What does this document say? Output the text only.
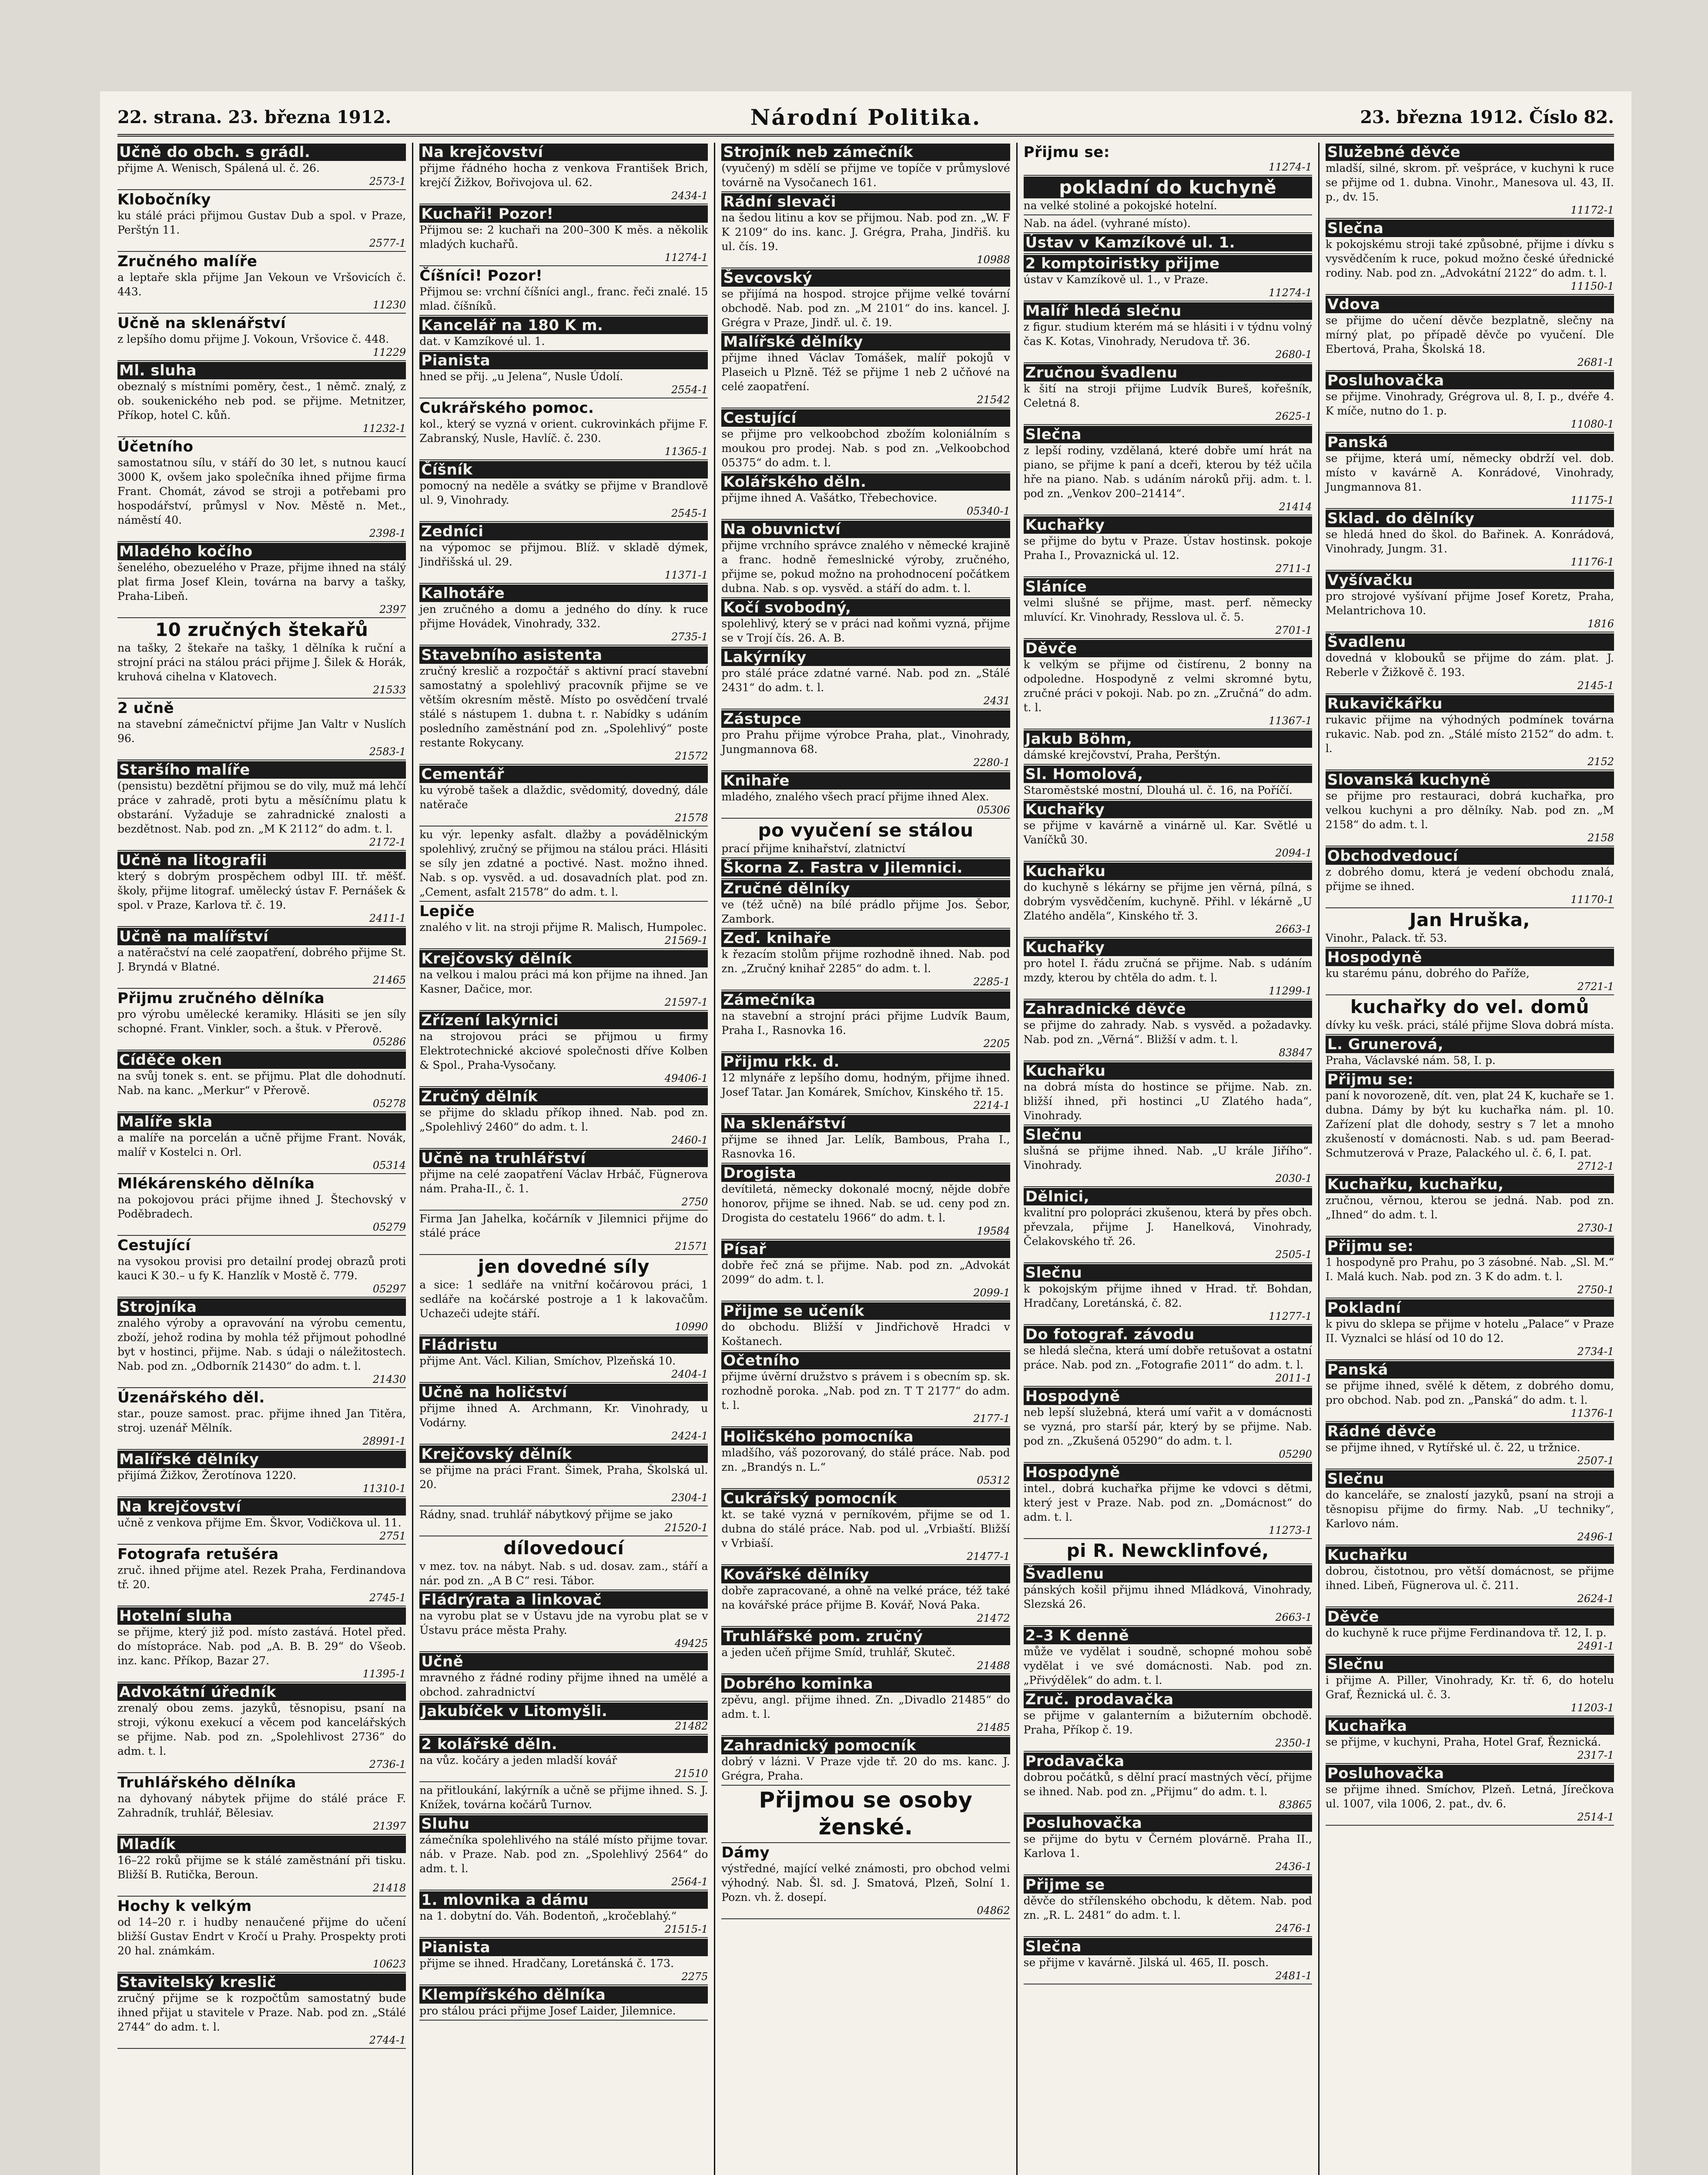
22. strana. 23. března 1912.	Národní Politika.	23. března 1912. Číslo 82.
Učně do obch. s grádl.
přijme A. Wenisch, Spálená ul. č. 26.
2573-1
Klobočníky
ku stálé práci přijmou Gustav Dub a spol. v Praze, Perštýn 11.
2577-1
Zručného malíře
a leptaře skla přijme Jan Vekoun ve Vršovicích č. 443.
11230
Učně na sklenářství
z lepšího domu přijme J. Vokoun, Vršovice č. 448.
11229
Ml. sluha
obeznalý s místními poměry, čest., 1 němč. znalý, z ob. soukenického neb pod. se přijme. Metnitzer, Příkop, hotel C. kůň.
11232-1
Účetního
samostatnou sílu, v stáří do 30 let, s nutnou kaucí 3000 K, ovšem jako společníka ihned přijme firma Frant. Chomát, závod se stroji a potřebami pro hospodářství, průmysl v Nov. Městě n. Met., náměstí 40.
2398-1
Mladého kočího
šenelého, obezuelého v Praze, přijme ihned na stálý plat firma Josef Klein, továrna na barvy a tašky, Praha-Libeň.
2397
10 zručných štekařů
na tašky, 2 štekaře na tašky, 1 dělníka k ruční a strojní práci na stálou práci přijme J. Šilek & Horák, kruhová cihelna v Klatovech.
21533
2 učně
na stavební zámečnictví přijme Jan Valtr v Nuslích 96.
2583-1
Staršího malíře
(pensistu) bezdětní přijmou se do vily, muž má lehčí práce v zahradě, proti bytu a měsíčnímu platu k obstarání. Vyžaduje se zahradnické znalosti a bezdětnost. Nab. pod zn. „M K 2112“ do adm. t. l.
2172-1
Učně na litografii
který s dobrým prospěchem odbyl III. tř. měšť. školy, přijme litograf. umělecký ústav F. Pernášek & spol. v Praze, Karlova tř. č. 19.
2411-1
Učně na malířství
a natěračství na celé zaopatření, dobrého přijme St. J. Bryndá v Blatné.
21465
Přijmu zručného dělníka
pro výrobu umělecké keramiky. Hlásiti se jen síly schopné. Frant. Vinkler, soch. a štuk. v Přerově.
05286
Cíděče oken
na svůj tonek s. ent. se přijmu. Plat dle dohodnutí. Nab. na kanc. „Merkur“ v Přerově.
05278
Malíře skla
a malíře na porcelán a učně přijme Frant. Novák, malíř v Kostelci n. Orl.
05314
Mlékárenského dělníka
na pokojovou práci přijme ihned J. Štechovský v Poděbradech.
05279
Cestující
na vysokou provisi pro detailní prodej obrazů proti kauci K 30.– u fy K. Hanzlík v Mostě č. 779.
05297
Strojníka
znalého výroby a opravování na výrobu cementu, zboží, jehož rodina by mohla též přijmout pohodlné byt v hostinci, přijme. Nab. s údaji o náležitostech. Nab. pod zn. „Odborník 21430“ do adm. t. l.
21430
Úzenářského děl.
star., pouze samost. prac. přijme ihned Jan Titěra, stroj. uzenář Mělník.
28991-1
Malířské dělníky
přijímá Žižkov, Žerotínova 1220.
11310-1
Na krejčovství
učně z venkova přijme Em. Škvor, Vodičkova ul. 11.
2751
Fotografa retušéra
zruč. ihned přijme atel. Rezek Praha, Ferdinandova tř. 20.
2745-1
Hotelní sluha
se přijme, který již pod. místo zastává. Hotel před. do místopráce. Nab. pod „A. B. B. 29“ do Všeob. inz. kanc. Příkop, Bazar 27.
11395-1
Advokátní úředník
zrenalý obou zems. jazyků, těsnopisu, psaní na stroji, výkonu exekucí a věcem pod kancelářských se přijme. Nab. pod zn. „Spolehlivost 2736“ do adm. t. l.
2736-1
Truhlářského dělníka
na dyhovaný nábytek přijme do stálé práce F. Zahradník, truhlář, Bělesiav.
21397
Mladík
16–22 roků přijme se k stálé zaměstnání při tisku. Bližší B. Rutička, Beroun.
21418
Hochy k velkým
od 14–20 r. i hudby nenaučené přijme do učení bližší Gustav Endrt v Kročí u Prahy. Prospekty proti 20 hal. známkám.
10623
Stavitelský kreslič
zručný přijme se k rozpočtům samostatný bude ihned přijat u stavitele v Praze. Nab. pod zn. „Stálé 2744“ do adm. t. l.
2744-1
Na krejčovství
přijme řádného hocha z venkova František Brich, krejčí Žižkov, Bořivojova ul. 62.
2434-1
Kuchaři! Pozor!
Přijmou se: 2 kuchaři na 200–300 K měs. a několik mladých kuchařů.
11274-1
Číšníci! Pozor!
Přijmou se: vrchní číšníci angl., franc. řeči znalé. 15 mlad. číšníků.
Kancelář na 180 K m.
dat. v Kamzíkové ul. 1.
Pianista
hned se přij. „u Jelena“, Nusle Údolí.
2554-1
Cukrářského pomoc.
kol., který se vyzná v orient. cukrovinkách přijme F. Zabranský, Nusle, Havlíč. č. 230.
11365-1
Číšník
pomocný na neděle a svátky se přijme v Brandlově ul. 9, Vinohrady.
2545-1
Zedníci
na výpomoc se přijmou. Blíž. v skladě dýmek, Jindřišská ul. 29.
11371-1
Kalhotáře
jen zručného a domu a jedného do díny. k ruce přijme Hovádek, Vinohrady, 332.
2735-1
Stavebního asistenta
zručný kreslič a rozpočtář s aktivní prací stavební samostatný a spolehlivý pracovník přijme se ve větším okresním městě. Místo po osvědčení trvalé stálé s nástupem 1. dubna t. r. Nabídky s udáním posledního zaměstnání pod zn. „Spolehlivý“ poste restante Rokycany.
21572
Cementář
ku výrobě tašek a dlaždic, svědomitý, dovedný, dále natěrače
21578
ku výr. lepenky asfalt. dlažby a povádělnickým spolehlivý, zručný se přijmou na stálou práci. Hlásiti se síly jen zdatné a poctivé. Nast. možno ihned. Nab. s op. vysvěd. a ud. dosavadních plat. pod zn. „Cement, asfalt 21578“ do adm. t. l.
Lepiče
znalého v lit. na stroji přijme R. Malisch, Humpolec.
21569-1
Krejčovský dělník
na velkou i malou práci má kon přijme na ihned. Jan Kasner, Dačice, mor.
21597-1
Zřízení lakýrnici
na strojovou práci se přijmou u firmy Elektrotechnické akciové společnosti dříve Kolben & Spol., Praha-Vysočany.
49406-1
Zručný dělník
se přijme do skladu příkop ihned. Nab. pod zn. „Spolehlivý 2460“ do adm. t. l.
2460-1
Učně na truhlářství
přijme na celé zaopatření Václav Hrbáč, Fügnerova nám. Praha-II., č. 1.
2750
Firma Jan Jahelka, kočárník v Jilemnici přijme do stálé práce
21571
jen dovedné síly
a sice: 1 sedláře na vnitřní kočárovou práci, 1 sedláře na kočárské postroje a 1 k lakovačům. Uchazeči udejte stáří.
10990
Fládristu
přijme Ant. Václ. Kilian, Smíchov, Plzeňská 10.
2404-1
Učně na holičství
přijme ihned A. Archmann, Kr. Vinohrady, u Vodárny.
2424-1
Krejčovský dělník
se přijme na práci Frant. Šimek, Praha, Školská ul. 20.
2304-1
Rádny, snad. truhlář nábytkový přijme se jako
21520-1
dílovedoucí
v mez. tov. na nábyt. Nab. s ud. dosav. zam., stáří a nár. pod zn. „A B C“ resi. Tábor.
Fládrýrata a linkovač
na vyrobu plat se v Ústavu jde na vyrobu plat se v Ústavu práce města Prahy.
49425
Učně
mravného z řádné rodiny přijme ihned na umělé a obchod. zahradnictví
Jakubíček v Litomyšli.
21482
2 kolářské děln.
na vůz. kočáry a jeden mladší kovář
21510
na přitloukání, lakýrník a učně se přijme ihned. S. J. Knížek, továrna kočárů Turnov.
Sluhu
zámečníka spolehlivého na stálé místo přijme tovar. náb. v Praze. Nab. pod zn. „Spolehlivý 2564“ do adm. t. l.
2564-1
1. mlovnika a dámu
na 1. dobytní do. Váh. Bodentoň, „kročeblahý.“
21515-1
Pianista
přijme se ihned. Hradčany, Loretánská č. 173.
2275
Klempířského dělníka
pro stálou práci přijme Josef Laider, Jilemnice.
Strojník neb zámečník
(vyučený) m sdělí se přijme ve topíče v průmyslové továrně na Vysočanech 161.
Rádní slevači
na šedou litinu a kov se přijmou. Nab. pod zn. „W. F K 2109“ do ins. kanc. J. Grégra, Praha, Jindřiš. ku ul. čís. 19.
10988
Ševcovský
se přijímá na hospod. strojce přijme velké tovární obchodě. Nab. pod zn. „M 2101“ do ins. kancel. J. Grégra v Praze, Jindř. ul. č. 19.
Malířské dělníky
přijme ihned Václav Tomášek, malíř pokojů v Plaseich u Plzně. Též se přijme 1 neb 2 učňové na celé zaopatření.
21542
Cestující
se přijme pro velkoobchod zbožím koloniálním s moukou pro prodej. Nab. s pod zn. „Velkoobchod 05375“ do adm. t. l.
Kolářského děln.
přijme ihned A. Vašátko, Třebechovice.
05340-1
Na obuvnictví
přijme vrchního správce znalého v německé krajině a franc. hodně řemeslnické výroby, zručného, přijme se, pokud možno na prohodnocení počátkem dubna. Nab. s op. vysvěd. a stáří do adm. t. l.
Kočí svobodný,
spolehlivý, který se v práci nad koňmi vyzná, přijme se v Trojí čís. 26. A. B.
Lakýrníky
pro stálé práce zdatné varné. Nab. pod zn. „Stálé 2431“ do adm. t. l.
2431
Zástupce
pro Prahu přijme výrobce Praha, plat., Vinohrady, Jungmannova 68.
2280-1
Knihaře
mladého, znalého všech prací přijme ihned Alex.
05306
po vyučení se stálou
prací přijme knihařství, zlatnictví
Škorna Z. Fastra v Jilemnici.
Zručné dělníky
ve (též učně) na bílé prádlo přijme Jos. Šebor, Zambork.
Zeď. knihaře
k řezacím stolům přijme rozhodně ihned. Nab. pod zn. „Zručný knihař 2285“ do adm. t. l.
2285-1
Zámečníka
na stavební a strojní práci přijme Ludvík Baum, Praha I., Rasnovka 16.
2205
Přijmu rkk. d.
12 mlynáře z lepšího domu, hodným, přijme ihned. Josef Tatar. Jan Komárek, Smíchov, Kinského tř. 15.
2214-1
Na sklenářství
přijme se ihned Jar. Lelík, Bambous, Praha I., Rasnovka 16.
Drogista
devítiletá, německy dokonalé mocný, nějde dobře honorov, přijme se ihned. Nab. se ud. ceny pod zn. Drogista do cestatelu 1966“ do adm. t. l.
19584
Písař
dobře řeč zná se přijme. Nab. pod zn. „Advokát 2099“ do adm. t. l.
2099-1
Přijme se učeník
do obchodu. Bližší v Jindřichově Hradci v Koštanech.
Očetního
přijme úvěrní družstvo s právem i s obecním sp. sk. rozhodně poroka. „Nab. pod zn. T T 2177“ do adm. t. l.
2177-1
Holičského pomocníka
mladšího, váš pozorovaný, do stálé práce. Nab. pod zn. „Brandýs n. L.“
05312
Cukrářský pomocník
kt. se také vyzná v perníkovém, přijme se od 1. dubna do stálé práce. Nab. pod ul. „Vrbiaští. Bližší v Vrbiaší.
21477-1
Kovářské dělníky
dobře zapracované, a ohně na velké práce, též také na kovářské práce přijme B. Kovář, Nová Paka.
21472
Truhlářské pom. zručný
a jeden učeň přijme Smíd, truhlář, Skuteč.
21488
Dobrého kominka
zpěvu, angl. přijme ihned. Zn. „Divadlo 21485“ do adm. t. l.
21485
Zahradnický pomocník
dobrý v lázni. V Praze vjde tř. 20 do ms. kanc. J. Grégra, Praha.
Přijmou se osoby ženské.
Dámy
výstředné, mající velké známosti, pro obchod velmi výhodný. Nab. Šl. sd. J. Smatová, Plzeň, Solní 1. Pozn. vh. ž. dosepí.
04862
Přijmu se:
11274-1
pokladní do kuchyně
na velké stoliné a pokojské hotelní.
Nab. na ádel. (vyhrané místo).
Ústav v Kamzíkové ul. 1.
2 komptoiristky přijme
ústav v Kamzíkově ul. 1., v Praze.
11274-1
Malíř hledá slečnu
z figur. studium kterém má se hlásiti i v týdnu volný čas K. Kotas, Vinohrady, Nerudova tř. 36.
2680-1
Zručnou švadlenu
k šití na stroji přijme Ludvík Bureš, kořešník, Celetná 8.
2625-1
Slečna
z lepší rodiny, vzdělaná, které dobře umí hrát na piano, se přijme k paní a dceři, kterou by též učila hře na piano. Nab. s udáním nároků přij. adm. t. l. pod zn. „Venkov 200–21414“.
21414
Kuchařky
se přijme do bytu v Praze. Ústav hostinsk. pokoje Praha I., Provaznická ul. 12.
2711-1
Sláníce
velmi slušné se přijme, mast. perf. německy mluvící. Kr. Vinohrady, Resslova ul. č. 5.
2701-1
Děvče
k velkým se přijme od čistírenu, 2 bonny na odpoledne. Hospodyně z velmi skromné bytu, zručné práci v pokoji. Nab. po zn. „Zručná“ do adm. t. l.
11367-1
Jakub Böhm,
dámské krejčovství, Praha, Perštýn.
Sl. Homolová,
Staroměstské mostní, Dlouhá ul. č. 16, na Poříčí.
Kuchařky
se přijme v kavárně a vinárně ul. Kar. Světlé u Vaníčků 30.
2094-1
Kuchařku
do kuchyně s lékárny se přijme jen věrná, pílná, s dobrým vysvědčením, kuchyně. Přihl. v lékárně „U Zlatého anděla“, Kinského tř. 3.
2663-1
Kuchařky
pro hotel I. řádu zručná se přijme. Nab. s udáním mzdy, kterou by chtěla do adm. t. l.
11299-1
Zahradnické děvče
se přijme do zahrady. Nab. s vysvěd. a požadavky. Nab. pod zn. „Věrná“. Bližší v adm. t. l.
83847
Kuchařku
na dobrá místa do hostince se přijme. Nab. zn. bližší ihned, při hostinci „U Zlatého hada“, Vinohrady.
Slečnu
slušná se přijme ihned. Nab. „U krále Jiřího“. Vinohrady.
2030-1
Dělnici,
kvalitní pro polopráci zkušenou, která by přes obch. převzala, přijme J. Hanelková, Vinohrady, Čelakovského tř. 26.
2505-1
Slečnu
k pokojským přijme ihned v Hrad. tř. Bohdan, Hradčany, Loretánská, č. 82.
11277-1
Do fotograf. závodu
se hledá slečna, která umí dobře retušovat a ostatní práce. Nab. pod zn. „Fotografie 2011“ do adm. t. l.
2011-1
Hospodyně
neb lepší služebná, která umí vařit a v domácnosti se vyzná, pro starší pár, který by se přijme. Nab. pod zn. „Zkušená 05290“ do adm. t. l.
05290
Hospodyně
intel., dobrá kuchařka přijme ke vdovci s dětmi, který jest v Praze. Nab. pod zn. „Domácnost“ do adm. t. l.
11273-1
pi R. Newcklinfové,
Švadlenu
pánských košil přijmu ihned Mládková, Vinohrady, Slezská 26.
2663-1
2–3 K denně
může ve vydělat i soudně, schopné mohou sobě vydělat i ve své domácnosti. Nab. pod zn. „Přivýdělek“ do adm. t. l.
Zruč. prodavačka
se přijme v galanterním a bižuterním obchodě. Praha, Příkop č. 19.
2350-1
Prodavačka
dobrou počátků, s dělní prací mastných věcí, přijme se ihned. Nab. pod zn. „Přijmu“ do adm. t. l.
83865
Posluhovačka
se přijme do bytu v Černém plovárně. Praha II., Karlova 1.
2436-1
Přijme se
děvče do střílenského obchodu, k dětem. Nab. pod zn. „R. L. 2481“ do adm. t. l.
2476-1
Slečna
se přijme v kavárně. Jilská ul. 465, II. posch.
2481-1
Služebné děvče
mladší, silné, skrom. př. vešpráce, v kuchyni k ruce se přijme od 1. dubna. Vinohr., Manesova ul. 43, II. p., dv. 15.
11172-1
Slečna
k pokojskému stroji také způsobné, přijme i dívku s vysvědčením k ruce, pokud možno české úřednické rodiny. Nab. pod zn. „Advokátní 2122“ do adm. t. l.
11150-1
Vdova
se přijme do učení děvče bezplatně, slečny na mírný plat, po případě děvče po vyučení. Dle Ebertová, Praha, Školská 18.
2681-1
Posluhovačka
se přijme. Vinohrady, Grégrova ul. 8, I. p., dvéře 4. K míče, nutno do 1. p.
11080-1
Panská
se přijme, která umí, německy obdrží vel. dob. místo v kavárně A. Konrádové, Vinohrady, Jungmannova 81.
11175-1
Sklad. do dělníky
se hledá hned do škol. do Bařinek. A. Konrádová, Vinohrady, Jungm. 31.
11176-1
Vyšívačku
pro strojové vyšívaní přijme Josef Koretz, Praha, Melantrichova 10.
1816
Švadlenu
dovedná v klobouků se přijme do zám. plat. J. Reberle v Žižkově č. 193.
2145-1
Rukavičkářku
rukavic přijme na výhodných podmínek továrna rukavic. Nab. pod zn. „Stálé místo 2152“ do adm. t. l.
2152
Slovanská kuchyně
se přijme pro restauraci, dobrá kuchařka, pro velkou kuchyni a pro dělníky. Nab. pod zn. „M 2158“ do adm. t. l.
2158
Obchodvedoucí
z dobrého domu, která je vedení obchodu znalá, přijme se ihned.
11170-1
Jan Hruška,
Vinohr., Palack. tř. 53.
Hospodyně
ku starému pánu, dobrého do Paříže,
2721-1
kuchařky do vel. domů
dívky ku vešk. práci, stálé přijme Slova dobrá místa.
L. Grunerová,
Praha, Václavské nám. 58, I. p.
Přijmu se:
paní k novorozeně, dít. ven, plat 24 K, kuchaře se 1. dubna. Dámy by být ku kuchařka nám. pl. 10. Zařízení plat dle dohody, sestry s 7 let a mnoho zkušeností v domácnosti. Nab. s ud. pam Beerad-Schmutzerová v Praze, Palackého ul. č. 6, I. pat.
2712-1
Kuchařku, kuchařku,
zručnou, věrnou, kterou se jedná. Nab. pod zn. „Ihned“ do adm. t. l.
2730-1
Přijmu se:
1 hospodyně pro Prahu, po 3 zásobné. Nab. „Sl. M.“ I. Malá kuch. Nab. pod zn. 3 K do adm. t. l.
2750-1
Pokladní
k pivu do sklepa se přijme v hotelu „Palace“ v Praze II. Vyznalci se hlásí od 10 do 12.
2734-1
Panská
se přijme ihned, svělé k dětem, z dobrého domu, pro obchod. Nab. pod zn. „Panská“ do adm. t. l.
11376-1
Rádné děvče
se přijme ihned, v Rytířské ul. č. 22, u tržnice.
2507-1
Slečnu
do kanceláře, se znalostí jazyků, psaní na stroji a těsnopisu přijme do firmy. Nab. „U techniky“, Karlovo nám.
2496-1
Kuchařku
dobrou, čistotnou, pro větší domácnost, se přijme ihned. Libeň, Fügnerova ul. č. 211.
2624-1
Děvče
do kuchyně k ruce přijme Ferdinandova tř. 12, I. p.
2491-1
Slečnu
i přijme A. Piller, Vinohrady, Kr. tř. 6, do hotelu Graf, Řeznická ul. č. 3.
11203-1
Kuchařka
se přijme, v kuchyni, Praha, Hotel Graf, Řeznická.
2317-1
Posluhovačka
se přijme ihned. Smíchov, Plzeň. Letná, Jírečkova ul. 1007, vila 1006, 2. pat., dv. 6.
2514-1
